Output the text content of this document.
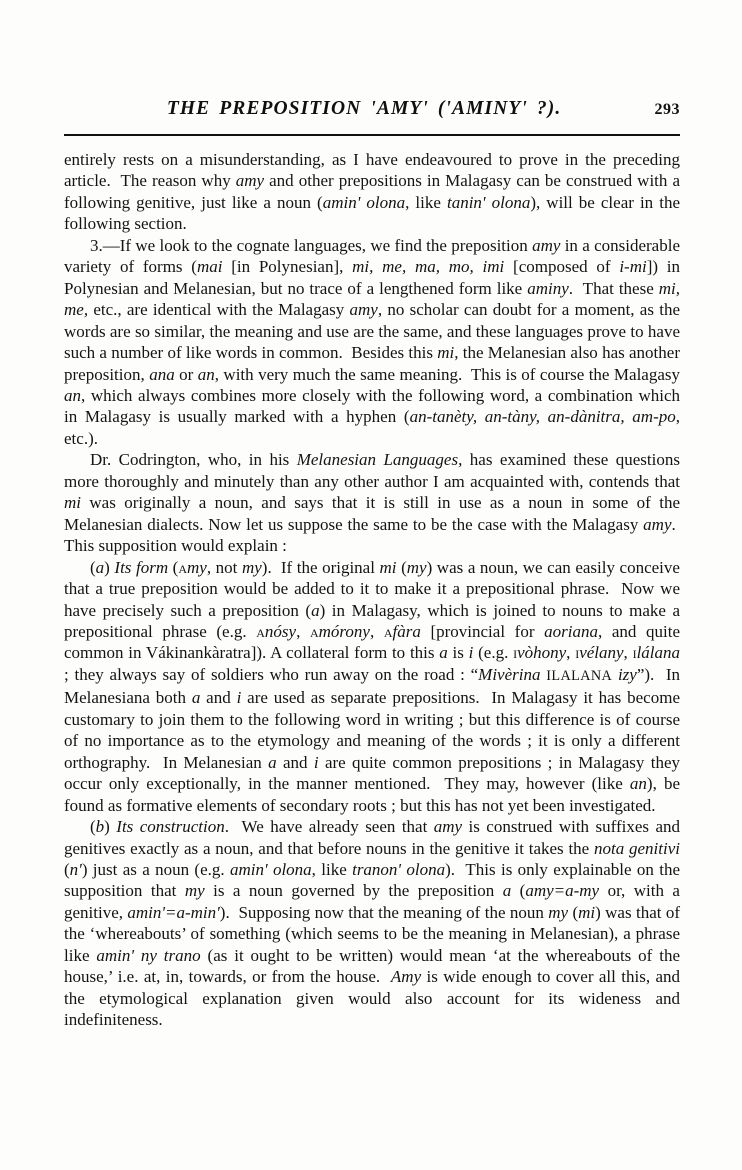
THE PREPOSITION 'AMY' ('AMINY' ?).	293

entirely rests on a misunderstanding, as I have endeavoured to prove in the preceding article.  The reason why amy and other prepositions in Malagasy can be construed with a following genitive, just like a noun (amin' olona, like tanin' olona), will be clear in the following section.

3.—If we look to the cognate languages, we find the preposition amy in a considerable variety of forms (mai [in Polynesian], mi, me, ma, mo, imi [composed of i-mi]) in Polynesian and Melanesian, but no trace of a lengthened form like aminy.  That these mi, me, etc., are identical with the Malagasy amy, no scholar can doubt for a moment, as the words are so similar, the meaning and use are the same, and these languages prove to have such a number of like words in common.  Besides this mi, the Melanesian also has another preposition, ana or an, with very much the same meaning.  This is of course the Malagasy an, which always combines more closely with the following word, a combination which in Malagasy is usually marked with a hyphen (an-tanèty, an-tàny, an-dànitra, am-po, etc.).

Dr. Codrington, who, in his Melanesian Languages, has examined these questions more thoroughly and minutely than any other author I am acquainted with, contends that mi was originally a noun, and says that it is still in use as a noun in some of the Melanesian dialects. Now let us suppose the same to be the case with the Malagasy amy.  This supposition would explain :

(a) Its form (amy, not my).  If the original mi (my) was a noun, we can easily conceive that a true preposition would be added to it to make it a prepositional phrase.  Now we have precisely such a preposition (a) in Malagasy, which is joined to nouns to make a prepositional phrase (e.g. anósy, amórony, afàra [provincial for aoriana, and quite common in Vákinankàratra]). A collateral form to this a is i (e.g. ivòhony, ivélany, ilálana ; they always say of soldiers who run away on the road : “Mivèrina ILALANA izy”).  In Melanesiana both a and i are used as separate prepositions.  In Malagasy it has become customary to join them to the following word in writing ; but this difference is of course of no importance as to the etymology and meaning of the words ; it is only a different orthography.  In Melanesian a and i are quite common prepositions ; in Malagasy they occur only exceptionally, in the manner mentioned.  They may, however (like an), be found as formative elements of secondary roots ; but this has not yet been investigated.

(b) Its construction.  We have already seen that amy is construed with suffixes and genitives exactly as a noun, and that before nouns in the genitive it takes the nota genitivi (n') just as a noun (e.g. amin' olona, like tranon' olona).  This is only explainable on the supposition that my is a noun governed by the preposition a (amy=a-my or, with a genitive, amin'=a-min').  Supposing now that the meaning of the noun my (mi) was that of the ‘whereabouts’ of something (which seems to be the meaning in Melanesian), a phrase like amin' ny trano (as it ought to be written) would mean ‘at the whereabouts of the house,’ i.e. at, in, towards, or from the house.  Amy is wide enough to cover all this, and the etymological explanation given would also account for its wideness and indefiniteness.
